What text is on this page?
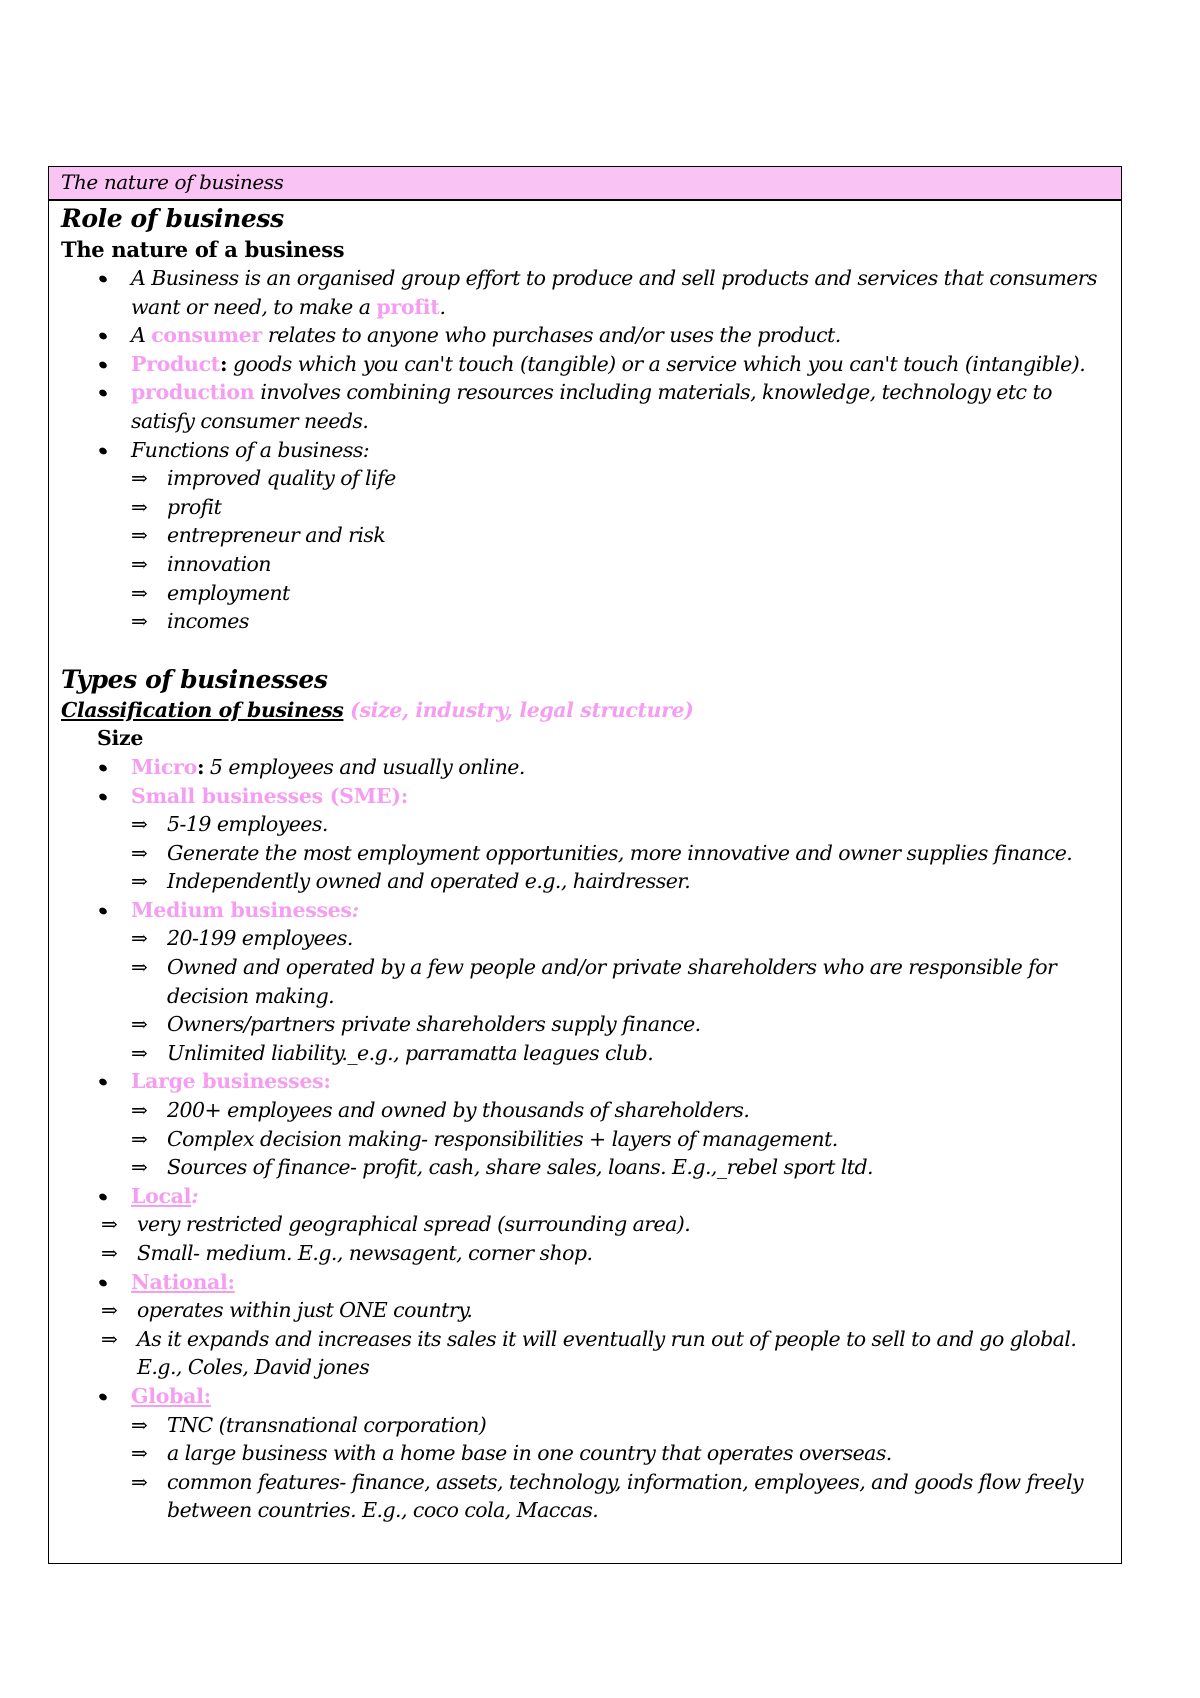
The nature of business
Role of business
The nature of a business
A Business is an organised group effort to produce and sell products and services that consumers want or need, to make a profit.
A consumer relates to anyone who purchases and/or uses the product.
Product: goods which you can't touch (tangible) or a service which you can't touch (intangible).
production involves combining resources including materials, knowledge, technology etc to satisfy consumer needs.
Functions of a business:
⇒ improved quality of life
⇒ profit
⇒ entrepreneur and risk
⇒ innovation
⇒ employment
⇒ incomes
Types of businesses
Classification of business (size, industry, legal structure)
Size
Micro: 5 employees and usually online.
Small businesses (SME):
⇒ 5-19 employees.
⇒ Generate the most employment opportunities, more innovative and owner supplies finance.
⇒ Independently owned and operated e.g., hairdresser.
Medium businesses:
⇒ 20-199 employees.
⇒ Owned and operated by a few people and/or private shareholders who are responsible for decision making.
⇒ Owners/partners private shareholders supply finance.
⇒ Unlimited liability._e.g., parramatta leagues club.
Large businesses:
⇒ 200+ employees and owned by thousands of shareholders.
⇒ Complex decision making- responsibilities + layers of management.
⇒ Sources of finance- profit, cash, share sales, loans. E.g.,_rebel sport ltd.
Local:
⇒ very restricted geographical spread (surrounding area).
⇒ Small- medium. E.g., newsagent, corner shop.
National:
⇒ operates within just ONE country.
⇒ As it expands and increases its sales it will eventually run out of people to sell to and go global. E.g., Coles, David jones
Global:
⇒ TNC (transnational corporation)
⇒ a large business with a home base in one country that operates overseas.
⇒ common features- finance, assets, technology, information, employees, and goods flow freely between countries. E.g., coco cola, Maccas.
